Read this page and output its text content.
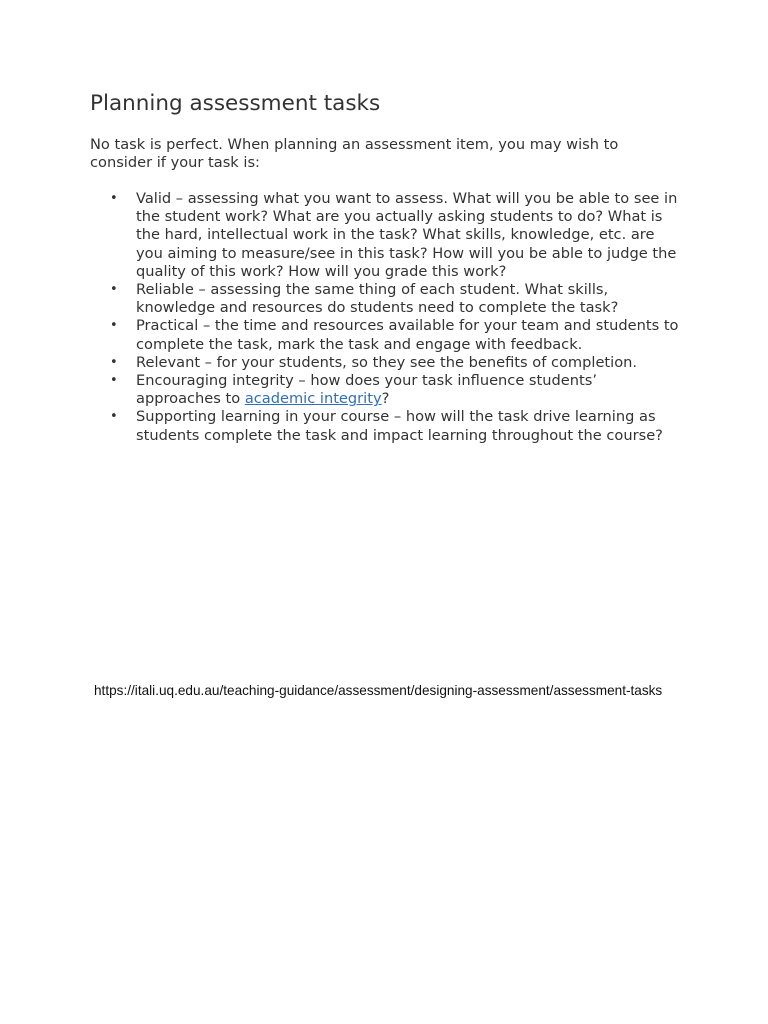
Planning assessment tasks

No task is perfect. When planning an assessment item, you may wish to consider if your task is:

• Valid – assessing what you want to assess. What will you be able to see in the student work? What are you actually asking students to do? What is the hard, intellectual work in the task? What skills, knowledge, etc. are you aiming to measure/see in this task? How will you be able to judge the quality of this work? How will you grade this work?
• Reliable – assessing the same thing of each student. What skills, knowledge and resources do students need to complete the task?
• Practical – the time and resources available for your team and students to complete the task, mark the task and engage with feedback.
• Relevant – for your students, so they see the benefits of completion.
• Encouraging integrity – how does your task influence students’ approaches to academic integrity?
• Supporting learning in your course – how will the task drive learning as students complete the task and impact learning throughout the course?
https://itali.uq.edu.au/teaching-guidance/assessment/designing-assessment/assessment-tasks
